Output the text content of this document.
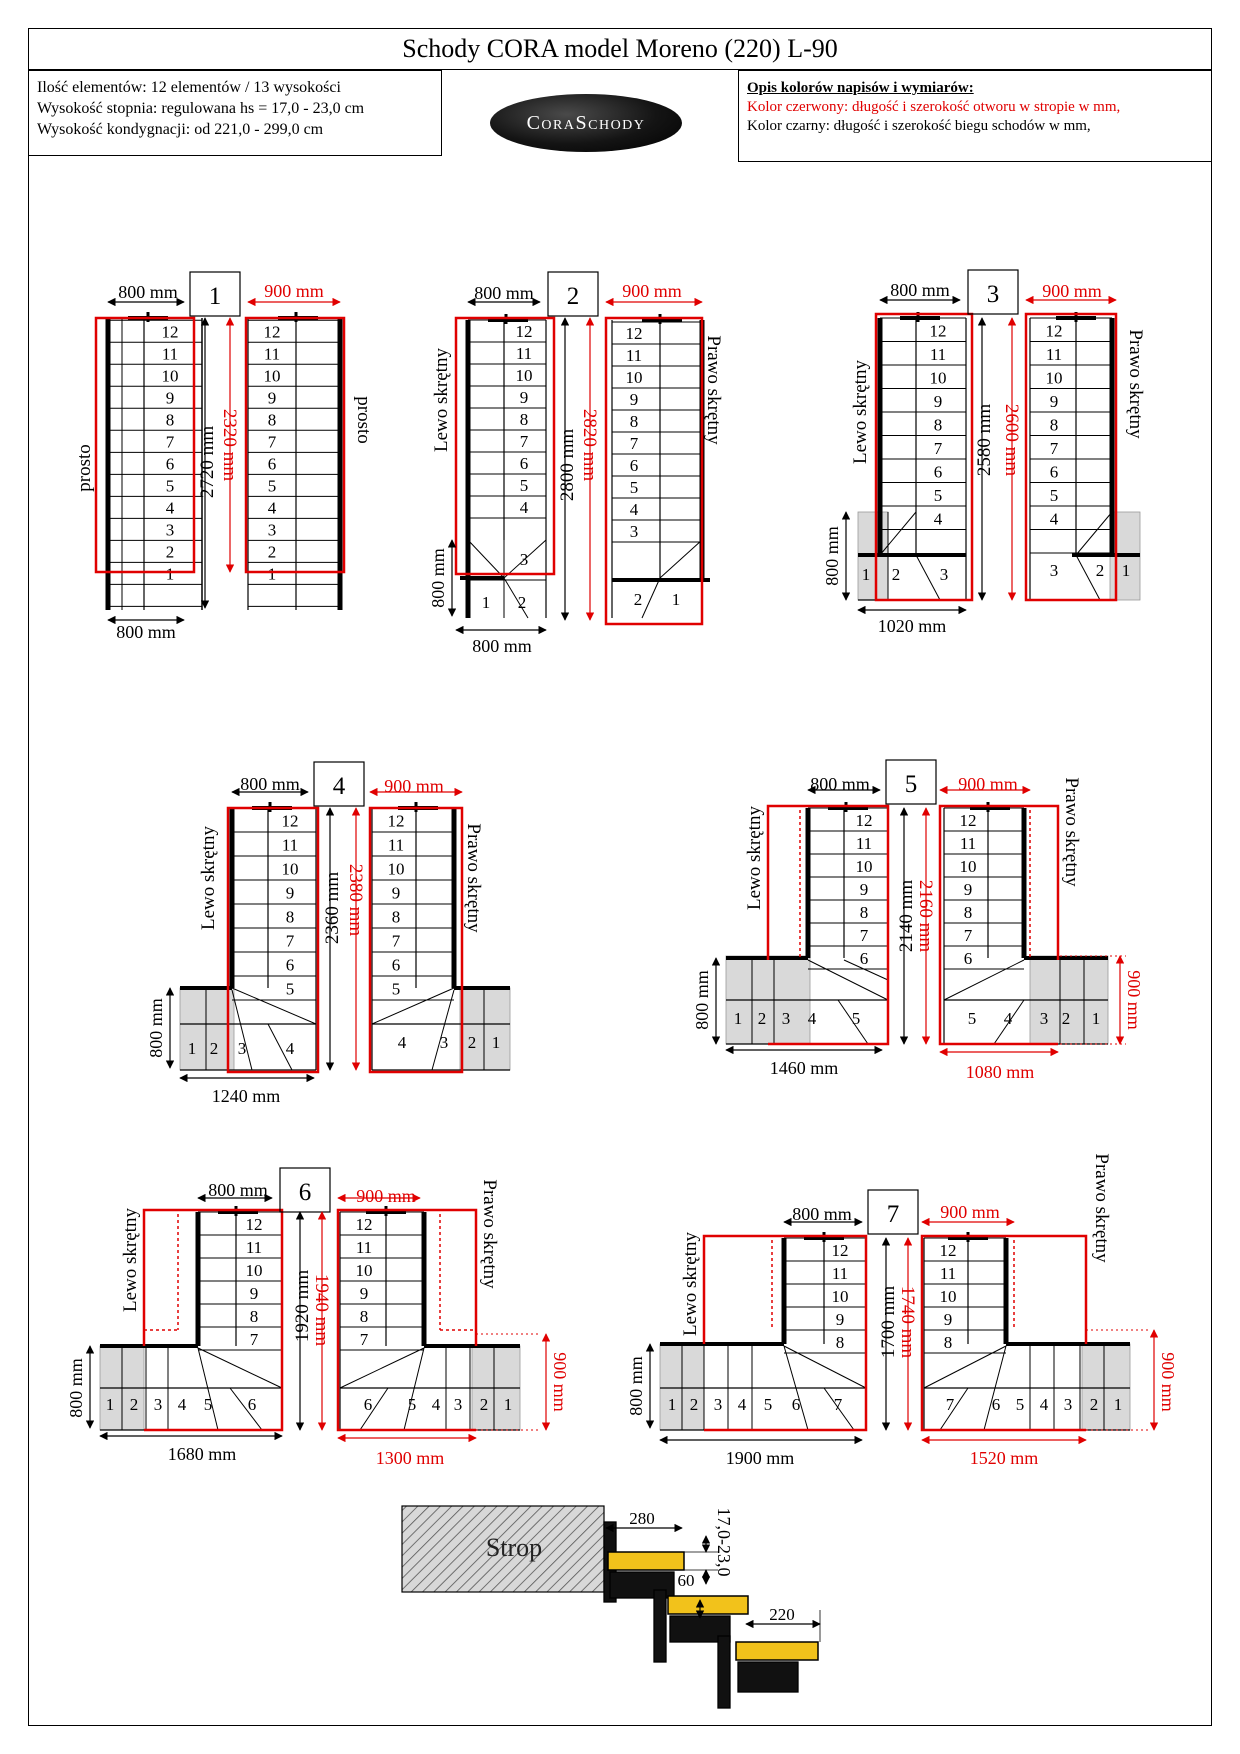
Schody CORA model Moreno (220) L-90
Ilość elementów: 12 elementów / 13 wysokości
Wysokość stopnia: regulowana hs = 17,0 - 23,0 cm
Wysokość kondygnacji: od 221,0 - 299,0 cm	CoraSchody
Opis kolorów napisów i wymiarów:
Kolor czerwony: długość i szerokość otworu w stropie w mm,
Kolor czarny: długość i szerokość biegu schodów w mm,
12
11
10
9
8
7
6
5
4
3
2
1
prosto
12
11
10
9
8
7
6
5
4
3
2
1
prosto
800 mm 1 900 mm
2720 mm 2320 mm
800 mm
12
11
10
9
8
7
6
5
4
3
1 2
Lewo skrętny
12
11
10
9
8
7
6
5
4
3
2 1
Prawo skrętny
800 mm 2 900 mm
2800 mm 2820 mm
800 mm
800 mm
12
11
10
9
8
7
6
5
4
1 2 3
Lewo skrętny
12
11
10
9
8
7
6
5
4
3 2 1
Prawo skrętny
800 mm 3 900 mm
2580 mm 2600 mm
800 mm
1020 mm
12
11
10
9
8
7
6
5
1 2 3 4
Lewo skrętny
12
11
10
9
8
7
6
5
4 3 2 1
Prawo skrętny
800 mm 4 900 mm
2360 mm 2380 mm
800 mm
1240 mm
12
11
10
9
8
7
6
1 2 3 4 5
Lewo skrętny	12
11
10
9
8
7
6
5 4 3 2 1
Prawo skrętny
800 mm 5 900 mm
2140 mm
2160 mm
800 mm
1460 mm	1080 mm
900 mm
12
11
10
9
8
7
1 2 3 4 5 6
Lewo skrętny	12
11
10
9
8
7
6 5 4 3 2 1
Prawo skrętny
800 mm 6 900 mm
1920 mm
1940 mm
800 mm
1680 mm	1300 mm
900 mm
12
11
10
9
8
1 2 3 4 5 6 7
Lewo skrętny	12
11
10
9
8
7 6 5 4 3 2 1
Prawo skrętny
800 mm 7 900 mm
1700 mm
1740 mm
800 mm
1900 mm	1520 mm
900 mm
Strop
280	17,0-23,0
60
220
